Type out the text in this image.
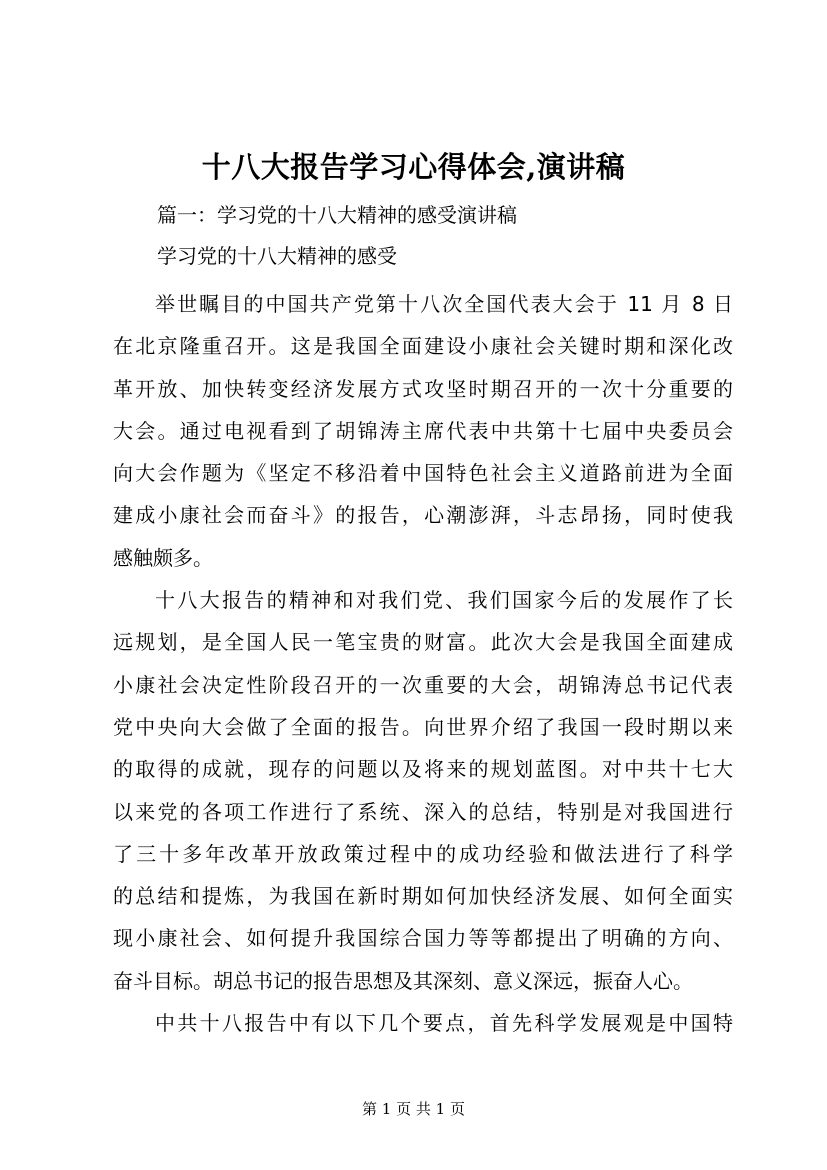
十八大报告学习心得体会,演讲稿
篇一：学习党的十八大精神的感受演讲稿
学习党的十八大精神的感受
举世瞩目的中国共产党第十八次全国代表大会于 11 月 8 日
在北京隆重召开。这是我国全面建设小康社会关键时期和深化改
革开放、加快转变经济发展方式攻坚时期召开的一次十分重要的
大会。通过电视看到了胡锦涛主席代表中共第十七届中央委员会
向大会作题为《坚定不移沿着中国特色社会主义道路前进为全面
建成小康社会而奋斗》的报告，心潮澎湃，斗志昂扬，同时使我
感触颇多。
十八大报告的精神和对我们党、我们国家今后的发展作了长
远规划，是全国人民一笔宝贵的财富。此次大会是我国全面建成
小康社会决定性阶段召开的一次重要的大会，胡锦涛总书记代表
党中央向大会做了全面的报告。向世界介绍了我国一段时期以来
的取得的成就，现存的问题以及将来的规划蓝图。对中共十七大
以来党的各项工作进行了系统、深入的总结，特别是对我国进行
了三十多年改革开放政策过程中的成功经验和做法进行了科学
的总结和提炼，为我国在新时期如何加快经济发展、如何全面实
现小康社会、如何提升我国综合国力等等都提出了明确的方向、
奋斗目标。胡总书记的报告思想及其深刻、意义深远，振奋人心。
中共十八报告中有以下几个要点，首先科学发展观是中国特
第 1 页 共 1 页
